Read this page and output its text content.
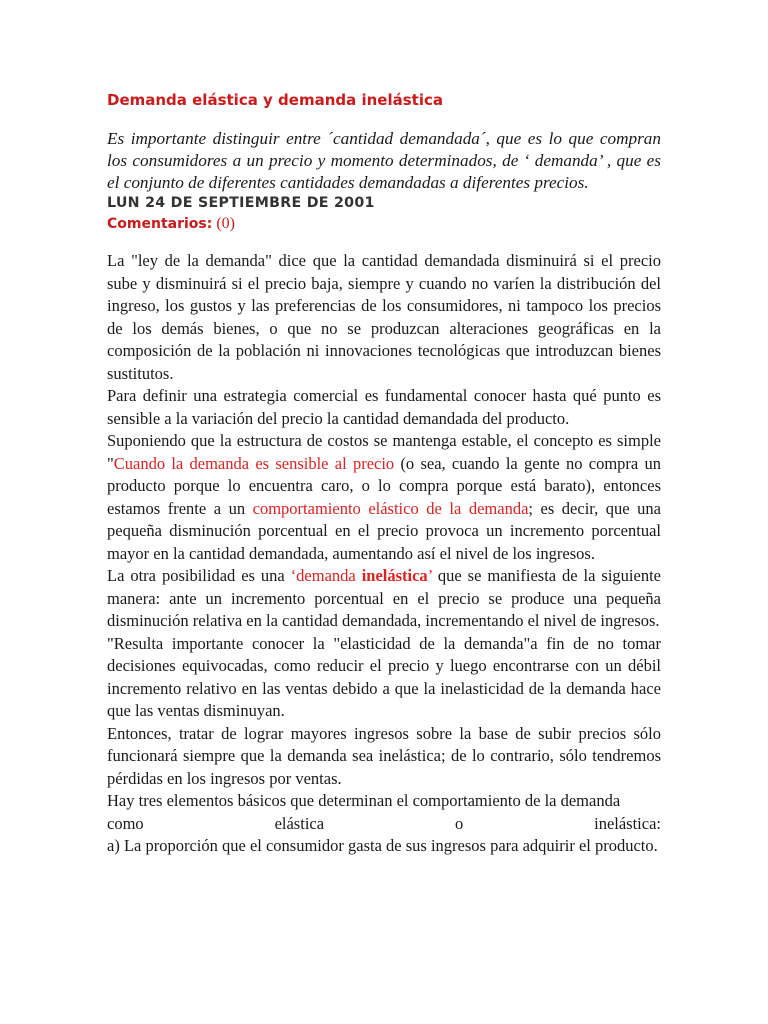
Demanda elástica y demanda inelástica

Es importante distinguir entre ´cantidad demandada´, que es lo que compran los consumidores a un precio y momento determinados, de ‘ demanda’ , que es el conjunto de diferentes cantidades demandadas a diferentes precios.

LUN 24 DE SEPTIEMBRE DE 2001
Comentarios: (0)

La "ley de la demanda" dice que la cantidad demandada disminuirá si el precio sube y disminuirá si el precio baja, siempre y cuando no varíen la distribución del ingreso, los gustos y las preferencias de los consumidores, ni tampoco los precios de los demás bienes, o que no se produzcan alteraciones geográficas en la composición de la población ni innovaciones tecnológicas que introduzcan bienes sustitutos.

Para definir una estrategia comercial es fundamental conocer hasta qué punto es sensible a la variación del precio la cantidad demandada del producto.

Suponiendo que la estructura de costos se mantenga estable, el concepto es simple "Cuando la demanda es sensible al precio (o sea, cuando la gente no compra un producto porque lo encuentra caro, o lo compra porque está barato), entonces estamos frente a un comportamiento elástico de la demanda; es decir, que una pequeña disminución porcentual en el precio provoca un incremento porcentual mayor en la cantidad demandada, aumentando así el nivel de los ingresos.

La otra posibilidad es una ‘demanda inelástica’ que se manifiesta de la siguiente manera: ante un incremento porcentual en el precio se produce una pequeña disminución relativa en la cantidad demandada, incrementando el nivel de ingresos.

"Resulta importante conocer la "elasticidad de la demanda"a fin de no tomar decisiones equivocadas, como reducir el precio y luego encontrarse con un débil incremento relativo en las ventas debido a que la inelasticidad de la demanda hace que las ventas disminuyan.

Entonces, tratar de lograr mayores ingresos sobre la base de subir precios sólo funcionará siempre que la demanda sea inelástica; de lo contrario, sólo tendremos pérdidas en los ingresos por ventas.

Hay tres elementos básicos que determinan el comportamiento de la demanda
como	elástica	o	inelástica:

a) La proporción que el consumidor gasta de sus ingresos para adquirir el producto.
